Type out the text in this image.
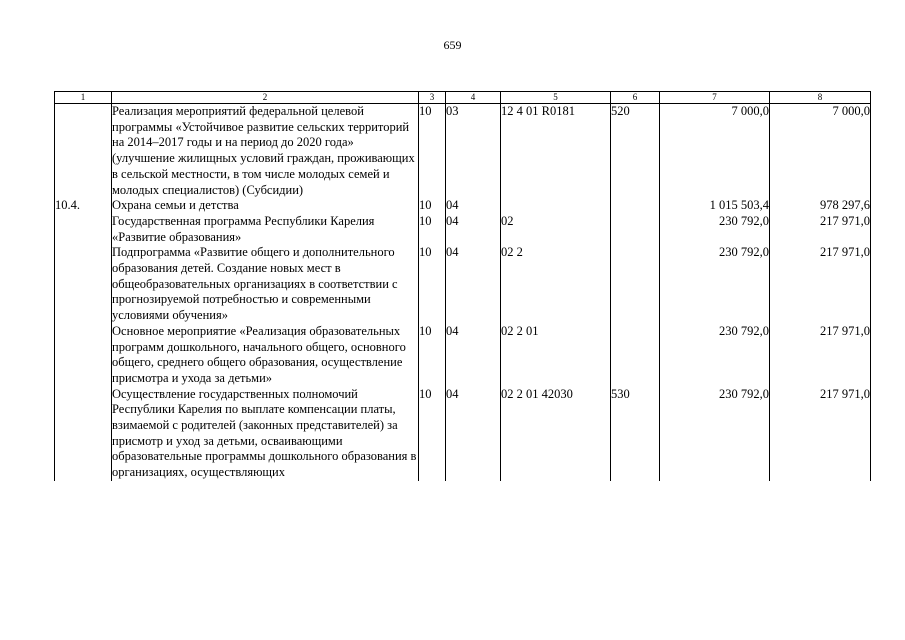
659
1	2	3	4	5	6	7	8
	Реализация мероприятий федеральной целевой программы «Устойчивое развитие сельских территорий на 2014–2017 годы и на период до 2020 года» (улучшение жилищных условий граждан, проживающих в сельской местности, в том числе молодых семей и молодых специалистов) (Субсидии)	10	03	12 4 01 R0181	520	7 000,0	7 000,0
10.4.	Охрана семьи и детства	10	04			1 015 503,4	978 297,6
	Государственная программа Республики Карелия «Развитие образования»	10	04	02		230 792,0	217 971,0
	Подпрограмма «Развитие общего и дополнительного образования детей. Создание новых мест в общеобразовательных организациях в соответствии с прогнозируемой потребностью и современными условиями обучения»	10	04	02 2		230 792,0	217 971,0
	Основное мероприятие «Реализация образовательных программ дошкольного, начального общего, основного общего, среднего общего образования, осуществление присмотра и ухода за детьми»	10	04	02 2 01		230 792,0	217 971,0
	Осуществление государственных полномочий Республики Карелия по выплате компенсации платы, взимаемой с родителей (законных представителей) за присмотр и уход за детьми, осваивающими образовательные программы дошкольного образования в организациях, осуществляющих	10	04	02 2 01 42030	530	230 792,0	217 971,0
